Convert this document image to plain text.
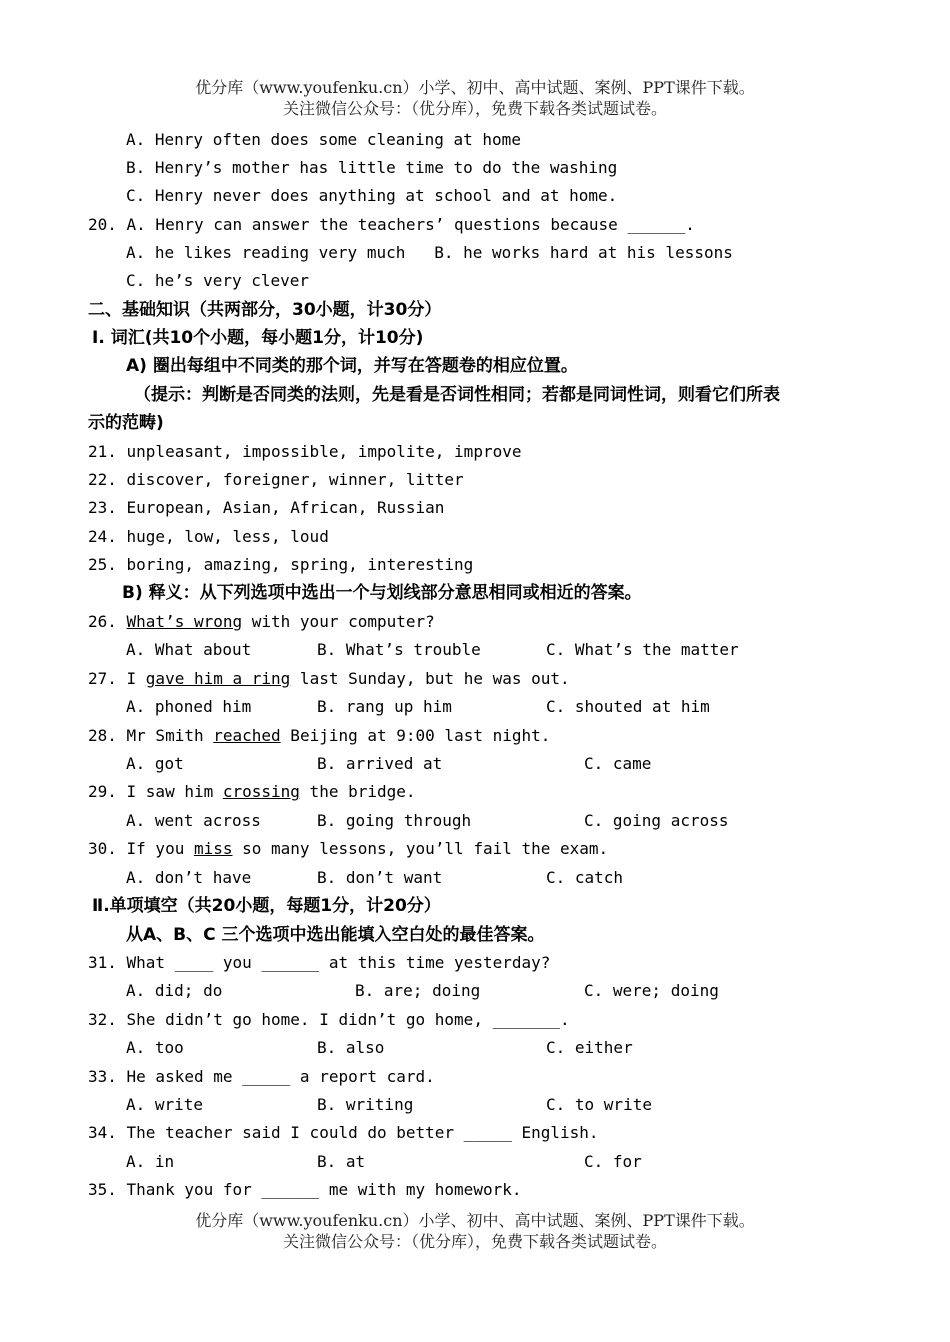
优分库（www.youfenku.cn）小学、初中、高中试题、案例、PPT课件下载。
关注微信公众号：（优分库），免费下载各类试题试卷。
A. Henry often does some cleaning at home
B. Henry’s mother has little time to do the washing
C. Henry never does anything at school and at home.
20. A. Henry can answer the teachers’ questions because ______.
A. he likes reading very much   B. he works hard at his lessons
C. he’s very clever
二、基础知识（共两部分，30小题，计30分）
Ⅰ. 词汇(共10个小题，每小题1分，计10分)
A) 圈出每组中不同类的那个词，并写在答题卷的相应位置。
（提示：判断是否同类的法则，先是看是否词性相同；若都是同词性词，则看它们所表
示的范畴)
21. unpleasant, impossible, impolite, improve
22. discover, foreigner, winner, litter
23. European, Asian, African, Russian
24. huge, low, less, loud
25. boring, amazing, spring, interesting
B) 释义：从下列选项中选出一个与划线部分意思相同或相近的答案。
26. What’s wrong with your computer?
A. What about	B. What’s trouble	C. What’s the matter
27. I gave him a ring last Sunday, but he was out.
A. phoned him	B. rang up him	C. shouted at him
28. Mr Smith reached Beijing at 9:00 last night.
A. got	B. arrived at	C. came
29. I saw him crossing the bridge.
A. went across	B. going through	C. going across
30. If you miss so many lessons, you’ll fail the exam.
A. don’t have	B. don’t want	C. catch
Ⅱ.单项填空（共20小题，每题1分，计20分）
从A、B、C 三个选项中选出能填入空白处的最佳答案。
31. What ____ you ______ at this time yesterday?
A. did; do	B. are; doing	C. were; doing
32. She didn’t go home. I didn’t go home, _______.
A. too	B. also	C. either
33. He asked me _____ a report card.
A. write	B. writing	C. to write
34. The teacher said I could do better _____ English.
A. in	B. at	C. for
35. Thank you for ______ me with my homework.
优分库（www.youfenku.cn）小学、初中、高中试题、案例、PPT课件下载。
关注微信公众号：（优分库），免费下载各类试题试卷。
